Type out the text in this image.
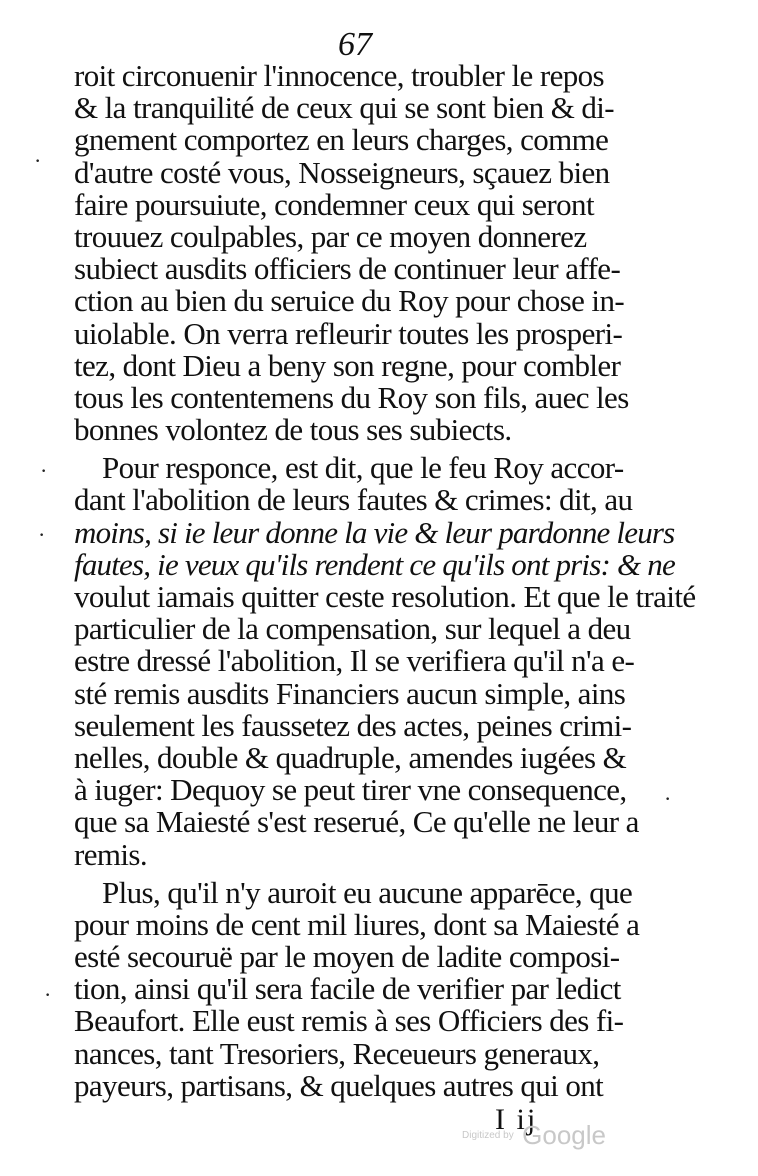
67
roit circonuenir l'innocence, troubler le repos
& la tranquilité de ceux qui se sont bien & di-
gnement comportez en leurs charges, comme
d'autre costé vous, Nosseigneurs, sçauez bien
faire poursuiute, condemner ceux qui seront
trouuez coulpables, par ce moyen donnerez
subiect ausdits officiers de continuer leur affe-
ction au bien du seruice du Roy pour chose in-
uiolable. On verra refleurir toutes les prosperi-
tez, dont Dieu a beny son regne, pour combler
tous les contentemens du Roy son fils, auec les
bonnes volontez de tous ses subiects.
Pour responce, est dit, que le feu Roy accor-
dant l'abolition de leurs fautes & crimes: dit, au
moins, si ie leur donne la vie & leur pardonne leurs
fautes, ie veux qu'ils rendent ce qu'ils ont pris: & ne
voulut iamais quitter ceste resolution. Et que le traité
particulier de la compensation, sur lequel a deu
estre dressé l'abolition, Il se verifiera qu'il n'a e-
sté remis ausdits Financiers aucun simple, ains
seulement les faussetez des actes, peines crimi-
nelles, double & quadruple, amendes iugées &
à iuger: Dequoy se peut tirer vne consequence,
que sa Maiesté s'est reserué, Ce qu'elle ne leur a
remis.
Plus, qu'il n'y auroit eu aucune apparēce, que
pour moins de cent mil liures, dont sa Maiesté a
esté secouruë par le moyen de ladite composi-
tion, ainsi qu'il sera facile de verifier par ledict
Beaufort. Elle eust remis à ses Officiers des fi-
nances, tant Tresoriers, Receueurs generaux,
payeurs, partisans, & quelques autres qui ont
I ij
Digitized by Google
·
·
·
·
·
